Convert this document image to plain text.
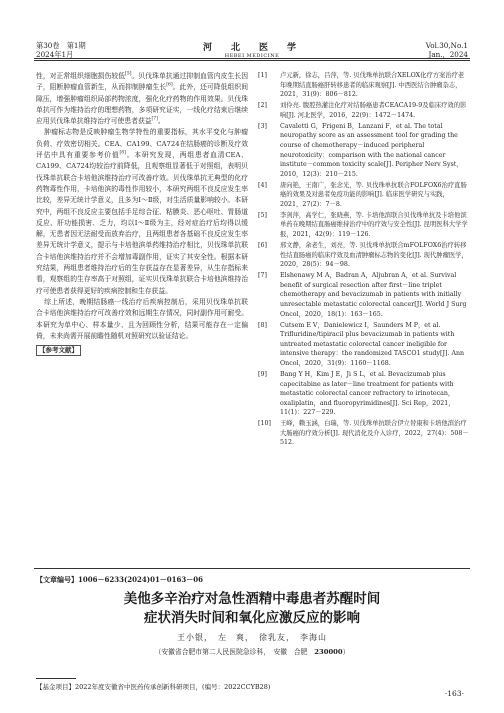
第30卷　第1期
2024年1月
河　北　医　学
HEBEI MEDICINE
Vol.30,No.1
Jan.，2024

性，对正常组织细胞损伤较低[5]。贝伐珠单抗通过抑制血管内皮生长因子，阻断肿瘤血管新生，从而抑制肿瘤生长[6]。此外，还可降低组织间隙压，增强肿瘤组织局部药物浓度，强化化疗药物的作用效果。贝伐珠单抗可作为维持治疗的理想药物，多项研究证实，一线化疗结束后继续应用贝伐珠单抗维持治疗可使患者获益[7]。

肿瘤标志物是反映肿瘤生物学特性的重要指标，其水平变化与肿瘤负荷、疗效密切相关。CEA、CA199、CA724在结肠癌的诊断及疗效评估中具有重要参考价值[8]。本研究发现，两组患者血清CEA、CA199、CA724均较治疗前降低，且观察组显著低于对照组，表明贝伐珠单抗联合卡培他滨维持治疗可改善疗效。贝伐珠单抗无典型的化疗药物毒性作用，卡培他滨的毒性作用较小，本研究两组不良反应发生率比较，差异无统计学意义，且多为Ⅰ～Ⅱ级，对生活质量影响较小。本研究中，两组不良反应主要包括手足综合征、粘膜炎、恶心呕吐、胃肠道反应、肝功能损害、乏力，均以Ⅰ～Ⅱ级为主，经对症治疗后均得以缓解，无患者因无法耐受而放弃治疗，且两组患者各基础不良反应发生率差异无统计学意义，提示与卡培他滨单药维持治疗相比，贝伐珠单抗联合卡培他滨维持治疗并不会增加毒副作用，证实了其安全性。根据本研究结果，两组患者维持治疗后的生存获益存在显著差异，从生存指标来看，观察组的生存率高于对照组，证实贝伐珠单抗联合卡培他滨维持治疗可使患者获得更好的疾病控制和生存获益。

综上所述，晚期结肠癌一线治疗后疾病控制后，采用贝伐珠单抗联合卡培他滨维持治疗可改善疗效和远期生存情况，同时副作用可耐受。本研究为单中心、样本量少、且为回顾性分析，结果可能存在一定偏倚，未来尚需开展前瞻性随机对照研究以验证结论。

【参考文献】
[1] 卢元新，徐志，吕萍，等. 贝伐珠单抗联合XELOX化疗方案治疗老年晚期结直肠癌肝转移患者的临床观察[J]. 中西医结合肿瘤杂志，2021，31(9)：806－812.
[2] 刘伶亮. 腹腔热灌注化疗对结肠癌患者CEACA19-9及临床疗效的影响[J]. 河北医学，2016，22(9)：1472－1474.
[3] Cavaletti G，Frigeni B，Lanzani F，et al. The total neuropathy score as an assessment tool for grading the course of chemotherapy－induced peripheral neurotoxicity：comparison with the national cancer institute－common toxicity scale[J]. Peripher Nerv Syst，2010，12(3)：210－215.
[4] 唐向艳，王南广，张念光，等. 贝伐珠单抗联合FOLFOX6治疗直肠癌的效果及对患者免疫功能的影响[J]. 临床医学研究与实践，2021，27(2)：7－8.
[5] 李剑萍，高学仁，张晓燕，等. 卡培他滨联合贝伐珠单抗及卡培他滨单药在晚期结直肠癌维持治疗中的疗效与安全性[J]. 昆明医科大学学报，2021，42(9)：119－126.
[6] 邢文静，余老生，刘亮，等. 贝伐珠单抗联合mFOLFOX6治疗转移性结直肠癌的临床疗效及血清肿瘤标志物的变化[J]. 现代肿瘤医学，2020，28(5)：94－98.
[7] Elshenawy M A，Badran A，Aljubran A，et al. Survival benefit of surgical resection after first－line triplet chemotherapy and bevacizumab in patients with initially unresectable metastatic colorectal cancer[J]. World J Surg Oncol，2020，18(1)：163－165.
[8] Cutsem E V，Danielewicz I，Saunders M P，et al. Trifluridine/tipiracil plus bevacizumab in patients with untreated metastatic colorectal cancer ineligible for intensive therapy：the randomized TASCO1 study[J]. Ann Oncol，2020，31(9)：1160－1168.
[9] Bang Y H，Kim J E，Ji S L，et al. Bevacizumab plus capecitabine as later－line treatment for patients with metastatic colorectal cancer refractory to irinotecan，oxaliplatin，and fluoropyrimidines[J]. Sci Rep，2021，11(1)：227－229.
[10] 王峰，赖玉涵，白瑞，等. 贝伐珠单抗联合伊立替康和卡培他滨治疗大肠癌的疗效分析[J]. 现代消化及介入诊疗，2022，27(4)：508－512.
【文章编号】1006－6233(2024)01－0163－06
美他多辛治疗对急性酒精中毒患者苏醒时间
症状消失时间和氧化应激反应的影响
王小银，　左　爽，　徐乳友，　李海山
（安徽省合肥市第二人民医院急诊科，　安徽　合肥　230000）
【基金项目】2022年度安徽省中医药传承创新科研项目，(编号：2022CCYB28)
·163·
